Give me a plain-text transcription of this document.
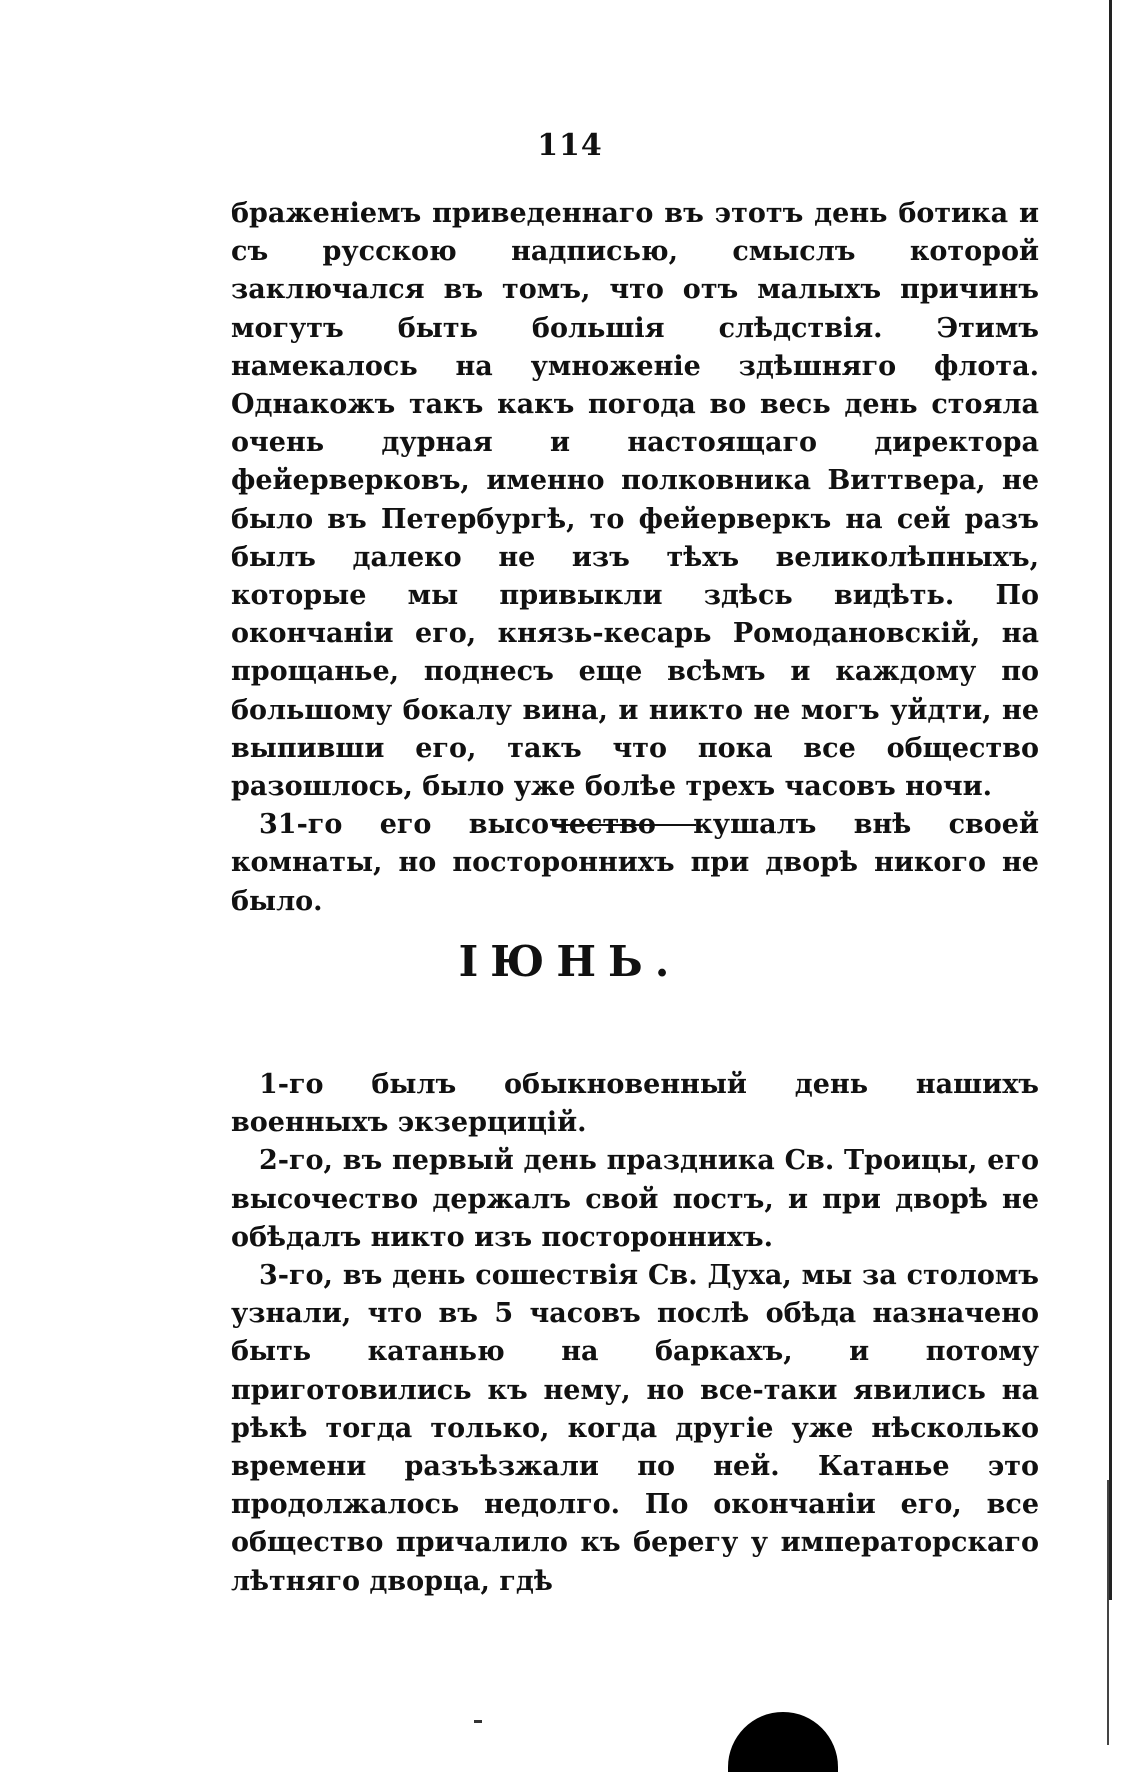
114

браженіемъ приведеннаго въ этотъ день ботика и съ русскою надписью, смыслъ которой заключался въ томъ, что отъ малыхъ причинъ могутъ быть большія слѣдствія. Этимъ намекалось на умноженіе здѣшняго флота. Однакожъ такъ какъ погода во весь день стояла очень дурная и настоящаго директора фейерверковъ, именно полковника Виттвера, не было въ Петербургѣ, то фейерверкъ на сей разъ былъ далеко не изъ тѣхъ великолѣпныхъ, которые мы привыкли здѣсь видѣть. По окончаніи его, князь-кесарь Ромодановскій, на прощанье, поднесъ еще всѣмъ и каждому по большому бокалу вина, и никто не могъ уйдти, не выпивши его, такъ что пока все общество разошлось, было уже болѣе трехъ часовъ ночи.

31-го его высочество кушалъ внѣ своей комнаты, но постороннихъ при дворѣ никого не было.

ІЮНЬ.

1-го былъ обыкновенный день нашихъ военныхъ экзерцицій.

2-го, въ первый день праздника Св. Троицы, его высочество держалъ свой постъ, и при дворѣ не обѣдалъ никто изъ постороннихъ.

3-го, въ день сошествія Св. Духа, мы за столомъ узнали, что въ 5 часовъ послѣ обѣда назначено быть катанью на баркахъ, и потому приготовились къ нему, но все-таки явились на рѣкѣ тогда только, когда другіе уже нѣсколько времени разъѣзжали по ней. Катанье это продолжалось недолго. По окончаніи его, все общество причалило къ берегу у императорскаго лѣтняго дворца, гдѣ
